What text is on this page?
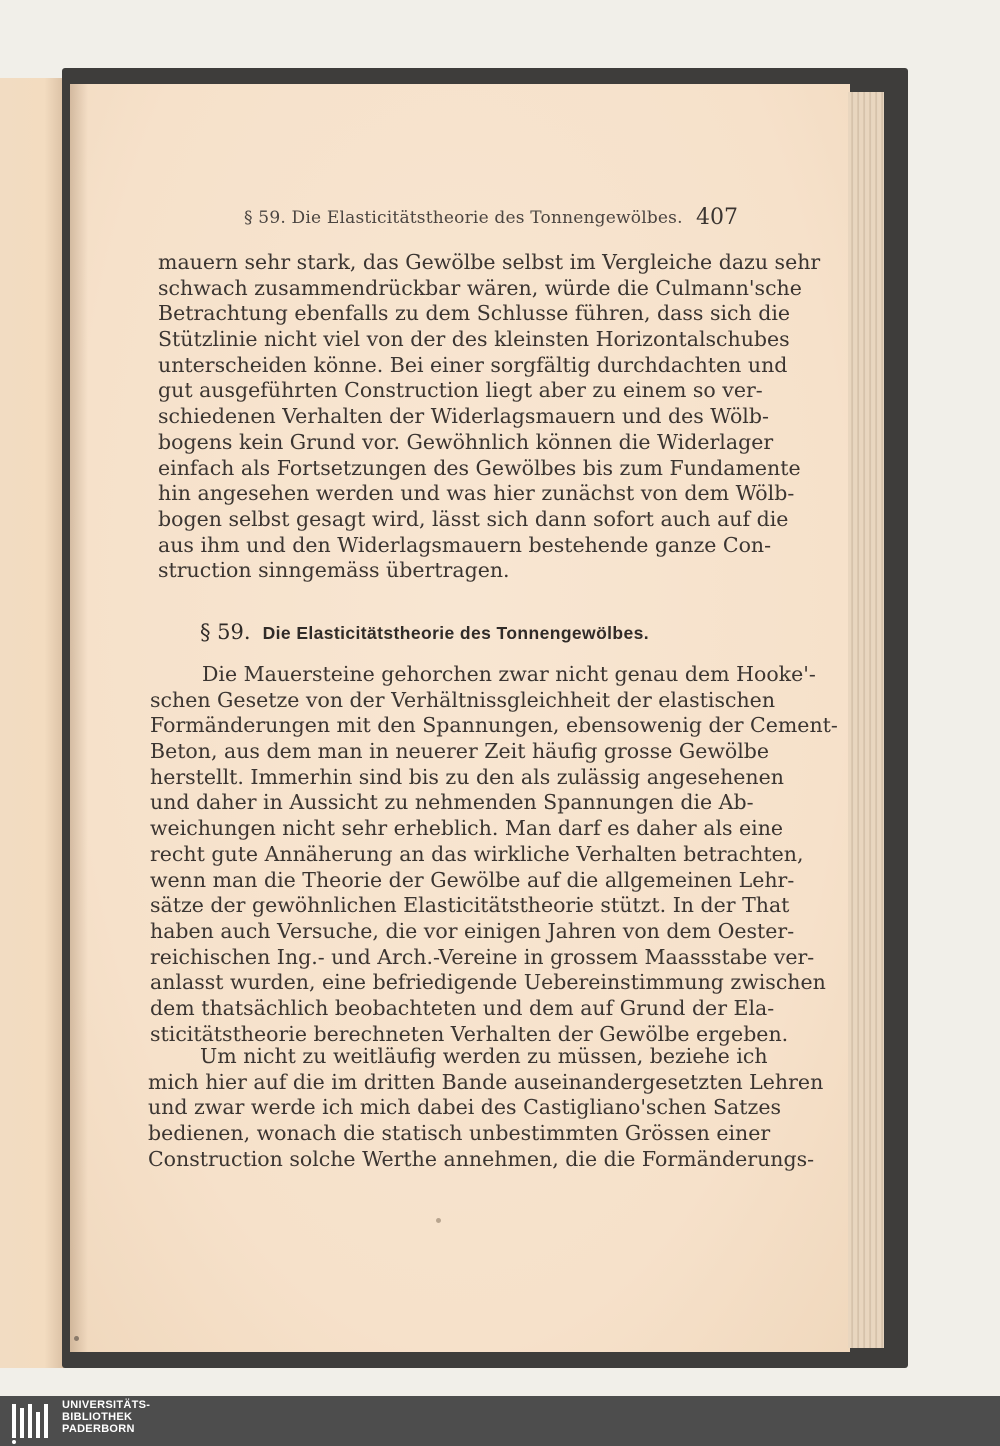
§ 59. Die Elasticitätstheorie des Tonnengewölbes. 407
mauern sehr stark, das Gewölbe selbst im Vergleiche dazu sehr
schwach zusammendrückbar wären, würde die Culmann'sche
Betrachtung ebenfalls zu dem Schlusse führen, dass sich die
Stützlinie nicht viel von der des kleinsten Horizontalschubes
unterscheiden könne. Bei einer sorgfältig durchdachten und
gut ausgeführten Construction liegt aber zu einem so ver-
schiedenen Verhalten der Widerlagsmauern und des Wölb-
bogens kein Grund vor. Gewöhnlich können die Widerlager
einfach als Fortsetzungen des Gewölbes bis zum Fundamente
hin angesehen werden und was hier zunächst von dem Wölb-
bogen selbst gesagt wird, lässt sich dann sofort auch auf die
aus ihm und den Widerlagsmauern bestehende ganze Con-
struction sinngemäss übertragen.
§ 59. Die Elasticitätstheorie des Tonnengewölbes.
Die Mauersteine gehorchen zwar nicht genau dem Hooke'-
schen Gesetze von der Verhältnissgleichheit der elastischen
Formänderungen mit den Spannungen, ebensowenig der Cement-
Beton, aus dem man in neuerer Zeit häufig grosse Gewölbe
herstellt. Immerhin sind bis zu den als zulässig angesehenen
und daher in Aussicht zu nehmenden Spannungen die Ab-
weichungen nicht sehr erheblich. Man darf es daher als eine
recht gute Annäherung an das wirkliche Verhalten betrachten,
wenn man die Theorie der Gewölbe auf die allgemeinen Lehr-
sätze der gewöhnlichen Elasticitätstheorie stützt. In der That
haben auch Versuche, die vor einigen Jahren von dem Oester-
reichischen Ing.- und Arch.-Vereine in grossem Maassstabe ver-
anlasst wurden, eine befriedigende Uebereinstimmung zwischen
dem thatsächlich beobachteten und dem auf Grund der Ela-
sticitätstheorie berechneten Verhalten der Gewölbe ergeben.
Um nicht zu weitläufig werden zu müssen, beziehe ich
mich hier auf die im dritten Bande auseinandergesetzten Lehren
und zwar werde ich mich dabei des Castigliano'schen Satzes
bedienen, wonach die statisch unbestimmten Grössen einer
Construction solche Werthe annehmen, die die Formänderungs-
UNIVERSITÄTS-
BIBLIOTHEK
PADERBORN
